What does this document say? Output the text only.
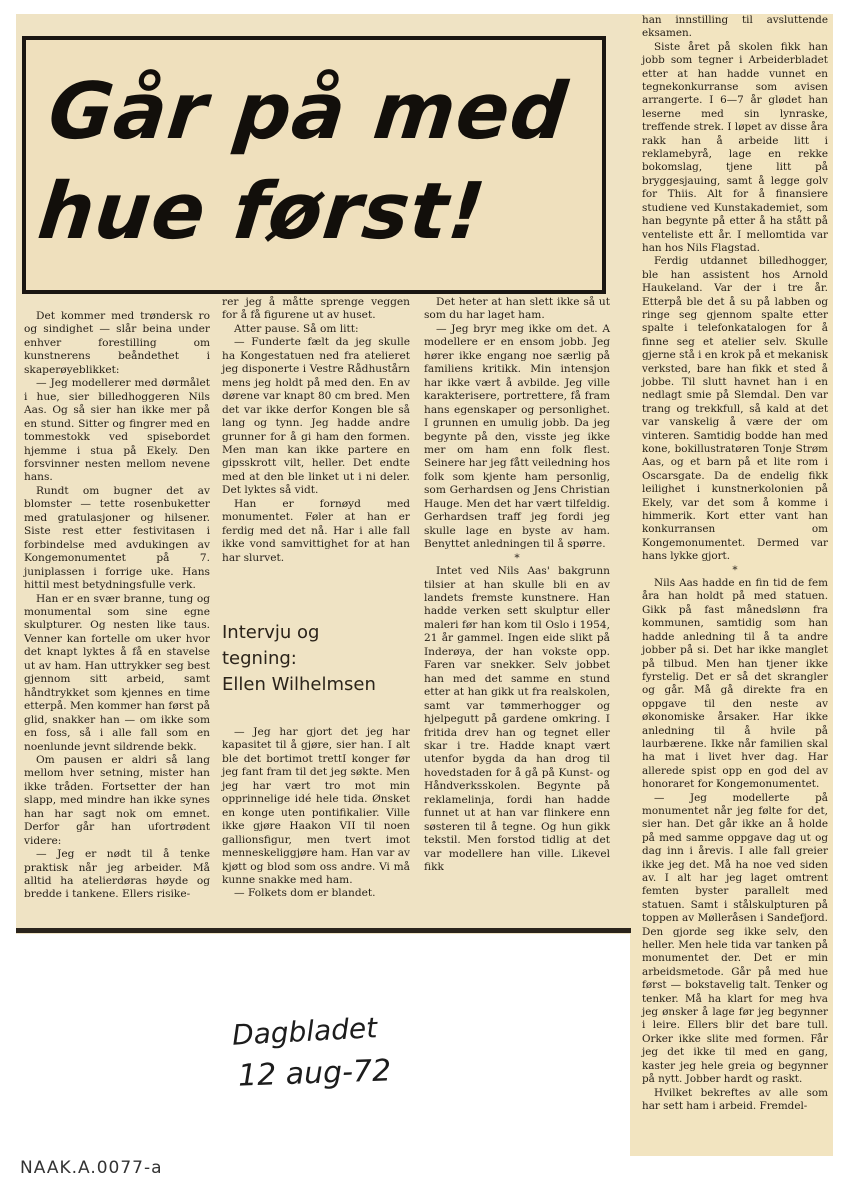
Går på med
hue først!

Det kommer med trøndersk ro og sindighet — slår beina under enhver forestilling om kunstnerens beåndethet i skaperøyeblikket:

— Jeg modellerer med dørmålet i hue, sier billedhoggeren Nils Aas. Og så sier han ikke mer på en stund. Sitter og fingrer med en tommestokk ved spisebordet hjemme i stua på Ekely. Den forsvinner nesten mellom nevene hans.

Rundt om bugner det av blomster — tette rosenbuketter med gratulasjoner og hilsener. Siste rest etter festivitasen i forbindelse med avdukingen av Kongemonumentet på 7. juniplassen i forrige uke. Hans hittil mest betydningsfulle verk.

Han er en svær branne, tung og monumental som sine egne skulpturer. Og nesten like taus. Venner kan fortelle om uker hvor det knapt lyktes å få en stavelse ut av ham. Han uttrykker seg best gjennom sitt arbeid, samt håndtrykket som kjennes en time etterpå. Men kommer han først på glid, snakker han — om ikke som en foss, så i alle fall som en noenlunde jevnt sildrende bekk.

Om pausen er aldri så lang mellom hver setning, mister han ikke tråden. Fortsetter der han slapp, med mindre han ikke synes han har sagt nok om emnet. Derfor går han ufortrødent videre:

— Jeg er nødt til å tenke praktisk når jeg arbeider. Må alltid ha atelierdøras høyde og bredde i tankene. Ellers risike-

rer jeg å måtte sprenge veggen for å få figurene ut av huset.

Atter pause. Så om litt:

— Funderte fælt da jeg skulle ha Kongestatuen ned fra atelieret jeg disponerte i Vestre Rådhustårn mens jeg holdt på med den. En av dørene var knapt 80 cm bred. Men det var ikke derfor Kongen ble så lang og tynn. Jeg hadde andre grunner for å gi ham den formen. Men man kan ikke partere en gipsskrott vilt, heller. Det endte med at den ble linket ut i ni deler. Det lyktes så vidt.

Han er fornøyd med monumentet. Føler at han er ferdig med det nå. Har i alle fall ikke vond samvittighet for at han har slurvet.

Intervju og
tegning:
Ellen Wilhelmsen

— Jeg har gjort det jeg har kapasitet til å gjøre, sier han. I alt ble det bortimot trettI konger før jeg fant fram til det jeg søkte. Men jeg har vært tro mot min opprinnelige idé hele tida. Ønsket en konge uten pontifikalier. Ville ikke gjøre Haakon VII til noen gallionsfigur, men tvert imot menneskeliggjøre ham. Han var av kjøtt og blod som oss andre. Vi må kunne snakke med ham.

— Folkets dom er blandet.

Det heter at han slett ikke så ut som du har laget ham.

— Jeg bryr meg ikke om det. A modellere er en ensom jobb. Jeg hører ikke engang noe særlig på familiens kritikk. Min intensjon har ikke vært å avbilde. Jeg ville karakterisere, portrettere, få fram hans egenskaper og personlighet. I grunnen en umulig jobb. Da jeg begynte på den, visste jeg ikke mer om ham enn folk flest. Seinere har jeg fått veiledning hos folk som kjente ham personlig, som Gerhardsen og Jens Christian Hauge. Men det har vært tilfeldig. Gerhardsen traff jeg fordi jeg skulle lage en byste av ham. Benyttet anledningen til å spørre.

*

Intet ved Nils Aas' bakgrunn tilsier at han skulle bli en av landets fremste kunstnere. Han hadde verken sett skulptur eller maleri før han kom til Oslo i 1954, 21 år gammel. Ingen eide slikt på Inderøya, der han vokste opp. Faren var snekker. Selv jobbet han med det samme en stund etter at han gikk ut fra realskolen, samt var tømmerhogger og hjelpegutt på gardene omkring. I fritida drev han og tegnet eller skar i tre. Hadde knapt vært utenfor bygda da han drog til hovedstaden for å gå på Kunst- og Håndverksskolen. Begynte på reklamelinja, fordi han hadde funnet ut at han var flinkere enn søsteren til å tegne. Og hun gikk tekstil. Men forstod tidlig at det var modellere han ville. Likevel fikk

han innstilling til avsluttende eksamen.

Siste året på skolen fikk han jobb som tegner i Arbeiderbladet etter at han hadde vunnet en tegnekonkurranse som avisen arrangerte. I 6—7 år glødet han leserne med sin lynraske, treffende strek. I løpet av disse åra rakk han å arbeide litt i reklamebyrå, lage en rekke bokomslag, tjene litt på bryggesjauing, samt å legge golv for Thiis. Alt for å finansiere studiene ved Kunstakademiet, som han begynte på etter å ha stått på venteliste ett år. I mellomtida var han hos Nils Flagstad.

Ferdig utdannet billedhogger, ble han assistent hos Arnold Haukeland. Var der i tre år. Etterpå ble det å su på labben og ringe seg gjennom spalte etter spalte i telefonkatalogen for å finne seg et atelier selv. Skulle gjerne stå i en krok på et mekanisk verksted, bare han fikk et sted å jobbe. Til slutt havnet han i en nedlagt smie på Slemdal. Den var trang og trekkfull, så kald at det var vanskelig å være der om vinteren. Samtidig bodde han med kone, bokillustratøren Tonje Strøm Aas, og et barn på et lite rom i Oscarsgate. Da de endelig fikk leilighet i kunstnerkolonien på Ekely, var det som å komme i himmerik. Kort etter vant han konkurransen om Kongemonumentet. Dermed var hans lykke gjort.

*

Nils Aas hadde en fin tid de fem åra han holdt på med statuen. Gikk på fast månedslønn fra kommunen, samtidig som han hadde anledning til å ta andre jobber på si. Det har ikke manglet på tilbud. Men han tjener ikke fyrstelig. Det er så det skrangler og går. Må gå direkte fra en oppgave til den neste av økonomiske årsaker. Har ikke anledning til å hvile på laurbærene. Ikke når familien skal ha mat i livet hver dag. Har allerede spist opp en god del av honoraret for Kongemonumentet.

— Jeg modellerte på monumentet når jeg følte for det, sier han. Det går ikke an å holde på med samme oppgave dag ut og dag inn i årevis. I alle fall greier ikke jeg det. Må ha noe ved siden av. I alt har jeg laget omtrent femten byster parallelt med statuen. Samt i stålskulpturen på toppen av Mølleråsen i Sandefjord. Den gjorde seg ikke selv, den heller. Men hele tida var tanken på monumentet der. Det er min arbeidsmetode. Går på med hue først — bokstavelig talt. Tenker og tenker. Må ha klart for meg hva jeg ønsker å lage før jeg begynner i leire. Ellers blir det bare tull. Orker ikke slite med formen. Får jeg det ikke til med en gang, kaster jeg hele greia og begynner på nytt. Jobber hardt og raskt.

Hvilket bekreftes av alle som har sett ham i arbeid. Fremdel-

Dagbladet
12 aug-72
NAAK.A.0077-a
